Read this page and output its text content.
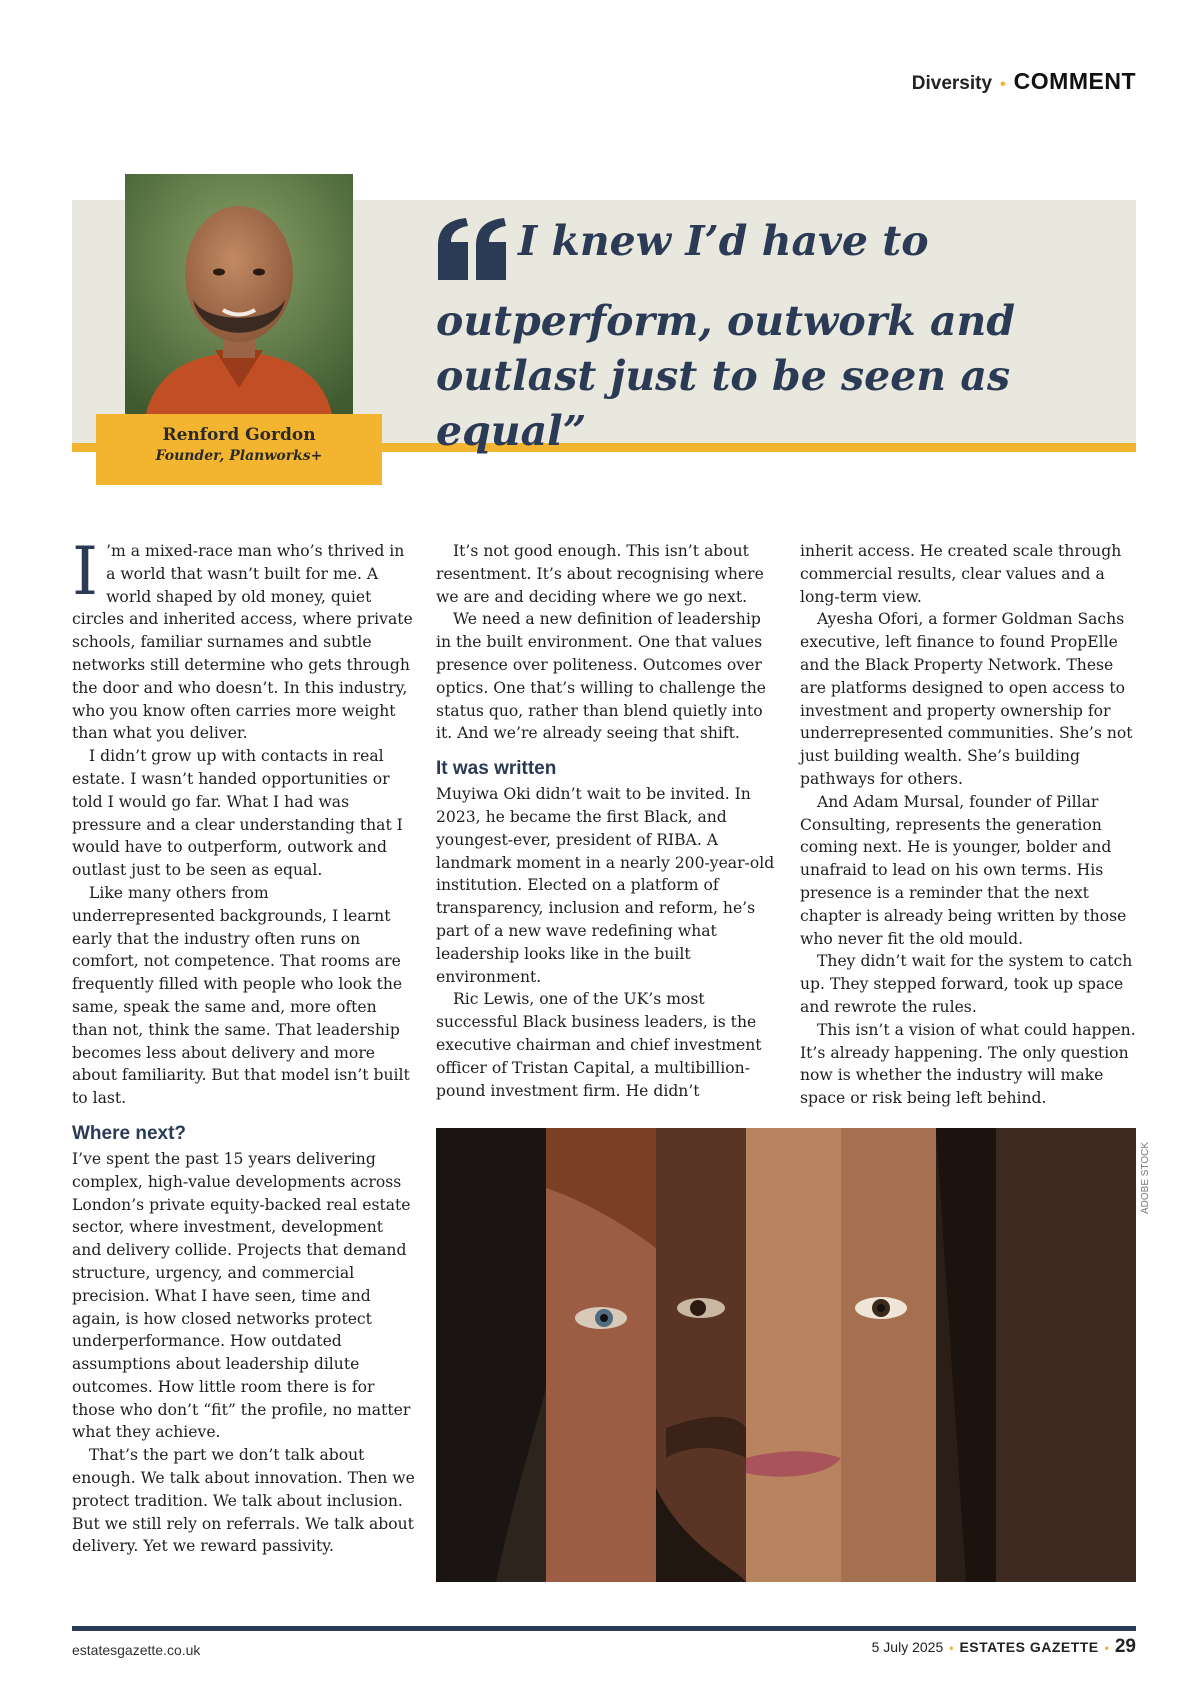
Diversity • COMMENT
Renford Gordon
Founder, Planworks+
I knew I’d have to outperform, outwork and outlast just to be seen as equal”

I ’m a mixed-race man who’s thrived in a world that wasn’t built for me. A world shaped by old money, quiet circles and inherited access, where private schools, familiar surnames and subtle networks still determine who gets through the door and who doesn’t. In this industry, who you know often carries more weight than what you deliver.

I didn’t grow up with contacts in real estate. I wasn’t handed opportunities or told I would go far. What I had was pressure and a clear understanding that I would have to outperform, outwork and outlast just to be seen as equal.

Like many others from underrepresented backgrounds, I learnt early that the industry often runs on comfort, not competence. That rooms are frequently filled with people who look the same, speak the same and, more often than not, think the same. That leadership becomes less about delivery and more about familiarity. But that model isn’t built to last.

Where next?

I’ve spent the past 15 years delivering complex, high-value developments across London’s private equity-backed real estate sector, where investment, development and delivery collide. Projects that demand structure, urgency, and commercial precision. What I have seen, time and again, is how closed networks protect underperformance. How outdated assumptions about leadership dilute outcomes. How little room there is for those who don’t “fit” the profile, no matter what they achieve.

That’s the part we don’t talk about enough. We talk about innovation. Then we protect tradition. We talk about inclusion. But we still rely on referrals. We talk about delivery. Yet we reward passivity.

It’s not good enough. This isn’t about resentment. It’s about recognising where we are and deciding where we go next.

We need a new definition of leadership in the built environment. One that values presence over politeness. Outcomes over optics. One that’s willing to challenge the status quo, rather than blend quietly into it. And we’re already seeing that shift.

It was written

Muyiwa Oki didn’t wait to be invited. In 2023, he became the first Black, and youngest-ever, president of RIBA. A landmark moment in a nearly 200-year-old institution. Elected on a platform of transparency, inclusion and reform, he’s part of a new wave redefining what leadership looks like in the built environment.

Ric Lewis, one of the UK’s most successful Black business leaders, is the executive chairman and chief investment officer of Tristan Capital, a multibillion-pound investment firm. He didn’t

inherit access. He created scale through commercial results, clear values and a long-term view.

Ayesha Ofori, a former Goldman Sachs executive, left finance to found PropElle and the Black Property Network. These are platforms designed to open access to investment and property ownership for underrepresented communities. She’s not just building wealth. She’s building pathways for others.

And Adam Mursal, founder of Pillar Consulting, represents the generation coming next. He is younger, bolder and unafraid to lead on his own terms. His presence is a reminder that the next chapter is already being written by those who never fit the old mould.

They didn’t wait for the system to catch up. They stepped forward, took up space and rewrote the rules.

This isn’t a vision of what could happen. It’s already happening. The only question now is whether the industry will make space or risk being left behind.

ADOBE STOCK
estatesgazette.co.uk	5 July 2025 • ESTATES GAZETTE • 29
